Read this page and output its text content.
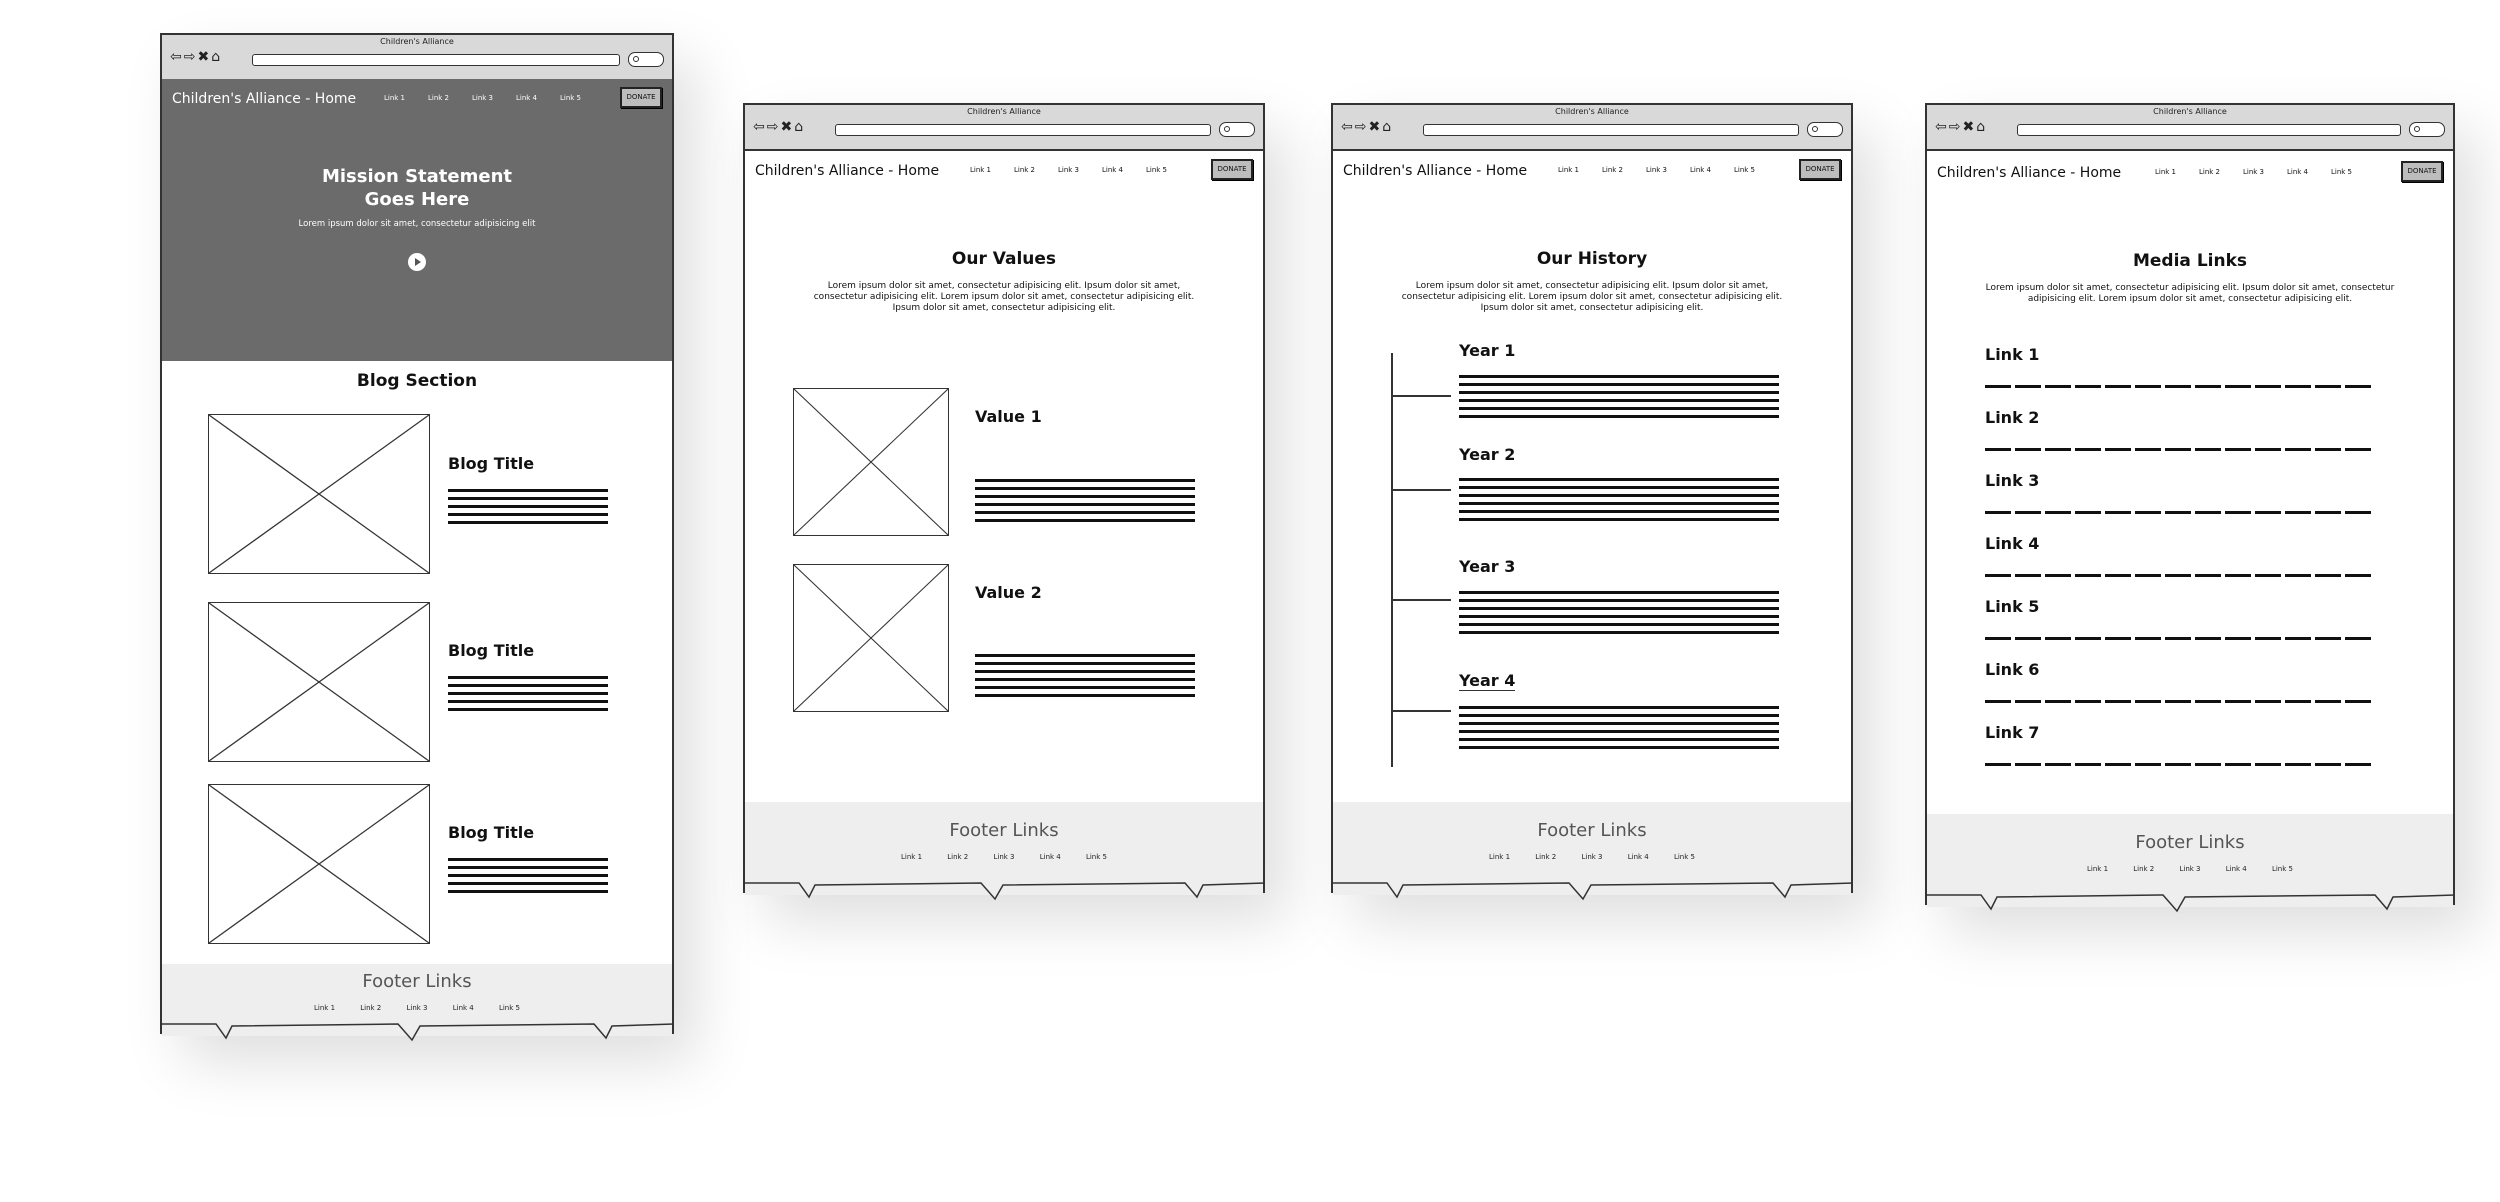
Children's Alliance
⇦⇨✖⌂
Children's Alliance - Home	Link 1	Link 2	Link 3	Link 4	Link 5	DONATE
Mission Statement
Goes Here
Lorem ipsum dolor sit amet, consectetur adipisicing elit
Blog Section
Blog Title
Blog Title
Blog Title
Footer Links
Link 1	Link 2	Link 3	Link 4	Link 5
Children's Alliance
⇦⇨✖⌂
Children's Alliance - Home	Link 1	Link 2	Link 3	Link 4	Link 5	DONATE
Our Values
Lorem ipsum dolor sit amet, consectetur adipisicing elit. Ipsum dolor sit amet, consectetur adipisicing elit. Lorem ipsum dolor sit amet, consectetur adipisicing elit. Ipsum dolor sit amet, consectetur adipisicing elit.
Value 1
Value 2
Footer Links
Link 1	Link 2	Link 3	Link 4	Link 5
Children's Alliance
⇦⇨✖⌂
Children's Alliance - Home	Link 1	Link 2	Link 3	Link 4	Link 5	DONATE
Our History
Lorem ipsum dolor sit amet, consectetur adipisicing elit. Ipsum dolor sit amet, consectetur adipisicing elit. Lorem ipsum dolor sit amet, consectetur adipisicing elit. Ipsum dolor sit amet, consectetur adipisicing elit.
Year 1
Year 2
Year 3
Year 4
Footer Links
Link 1	Link 2	Link 3	Link 4	Link 5
Children's Alliance
⇦⇨✖⌂
Children's Alliance - Home	Link 1	Link 2	Link 3	Link 4	Link 5	DONATE
Media Links
Lorem ipsum dolor sit amet, consectetur adipisicing elit. Ipsum dolor sit amet, consectetur adipisicing elit. Lorem ipsum dolor sit amet, consectetur adipisicing elit.
Link 1
Link 2
Link 3
Link 4
Link 5
Link 6
Link 7
Footer Links
Link 1	Link 2	Link 3	Link 4	Link 5
